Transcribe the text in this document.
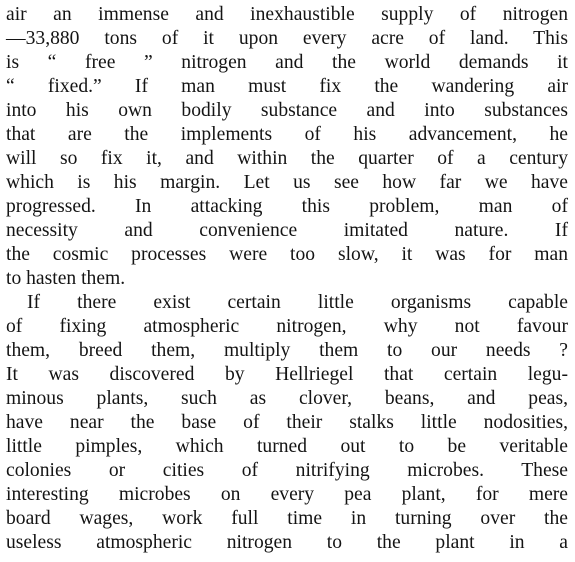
air an immense and inexhaustible supply of nitrogen
—33,880 tons of it upon every acre of land. This
is “ free ” nitrogen and the world demands it
“ fixed.” If man must fix the wandering air
into his own bodily substance and into substances
that are the implements of his advancement, he
will so fix it, and within the quarter of a century
which is his margin. Let us see how far we have
progressed. In attacking this problem, man of
necessity and convenience imitated nature. If
the cosmic processes were too slow, it was for man
to hasten them.
If there exist certain little organisms capable
of fixing atmospheric nitrogen, why not favour
them, breed them, multiply them to our needs ?
It was discovered by Hellriegel that certain legu-
minous plants, such as clover, beans, and peas,
have near the base of their stalks little nodosities,
little pimples, which turned out to be veritable
colonies or cities of nitrifying microbes. These
interesting microbes on every pea plant, for mere
board wages, work full time in turning over the
useless atmospheric nitrogen to the plant in a
